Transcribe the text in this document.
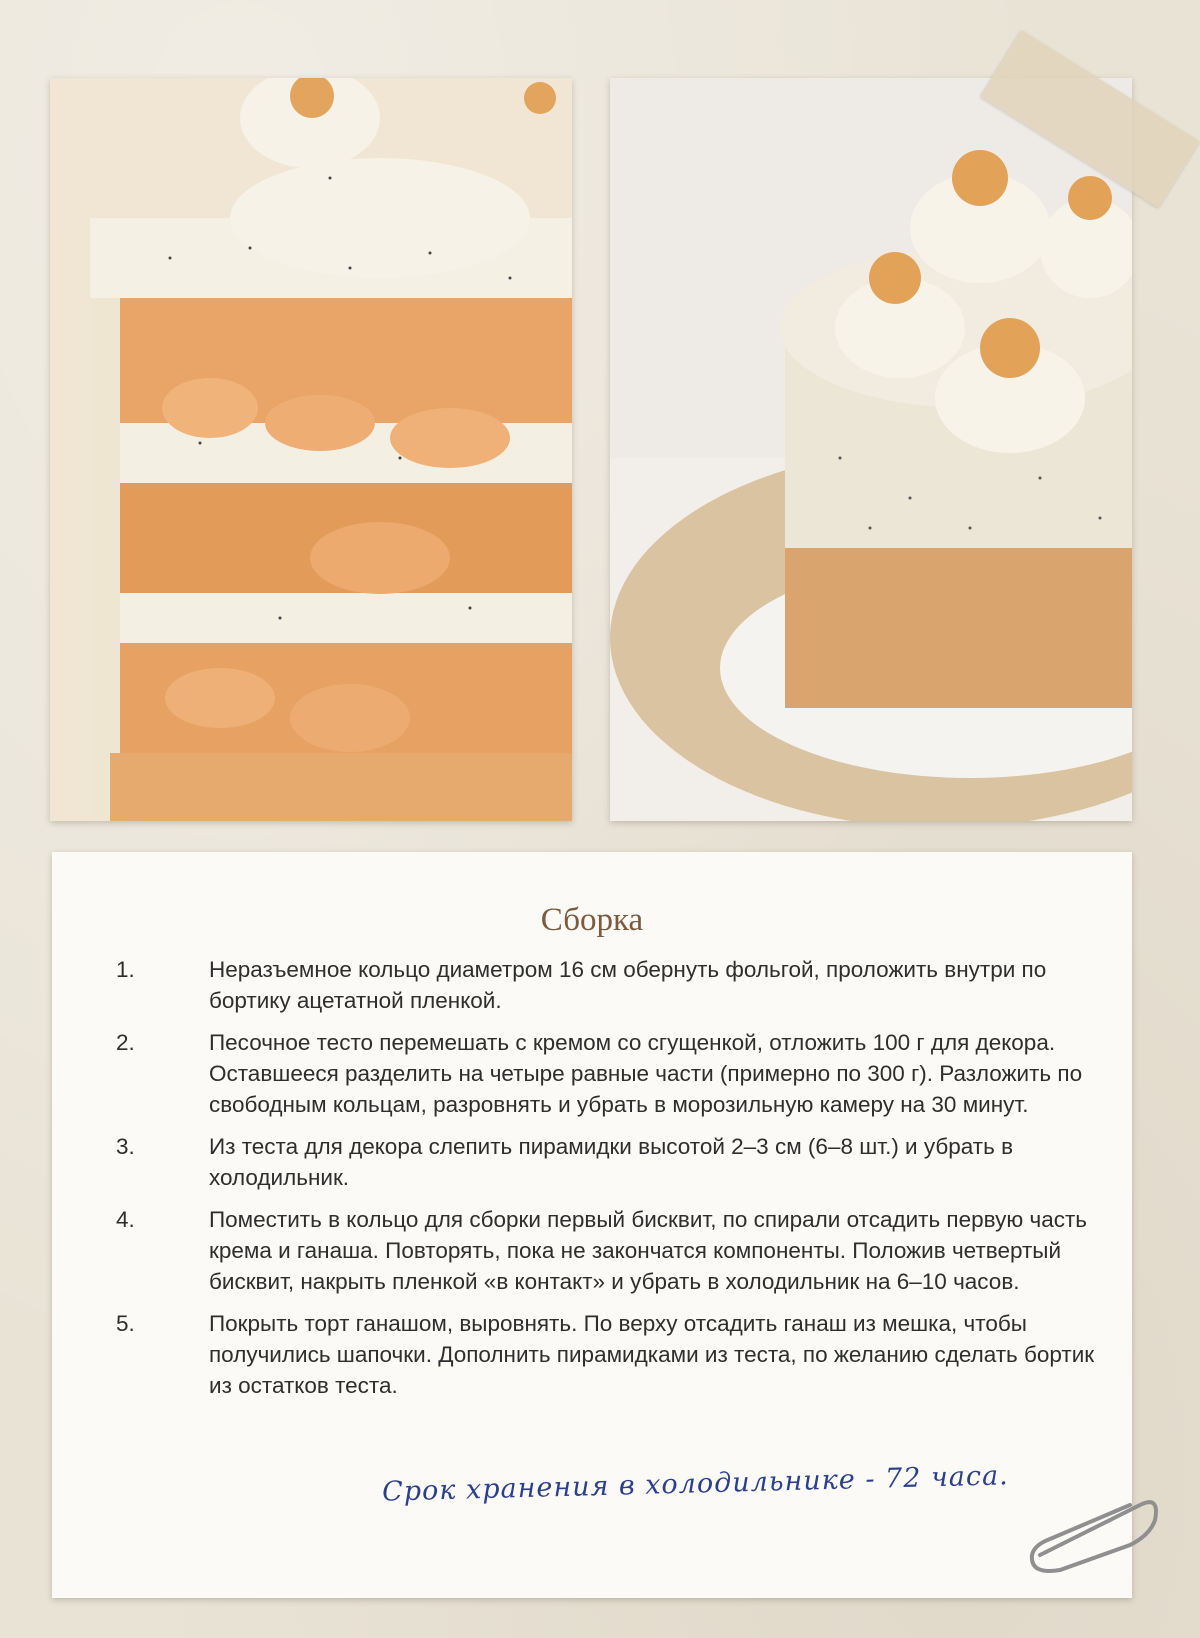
Сборка
1.	Неразъемное кольцо диаметром 16 см обернуть фольгой, проложить внутри по бортику ацетатной пленкой.
2.	Песочное тесто перемешать с кремом со сгущенкой, отложить 100 г для декора. Оставшееся разделить на четыре равные части (примерно по 300 г). Разложить по свободным кольцам, разровнять и убрать в морозильную камеру на 30 минут.
3.	Из теста для декора слепить пирамидки высотой 2–3 см (6–8 шт.) и убрать в холодильник.
4.	Поместить в кольцо для сборки первый бисквит, по спирали отсадить первую часть крема и ганаша. Повторять, пока не закончатся компоненты. Положив четвертый бисквит, накрыть пленкой «в контакт» и убрать в холодильник на 6–10 часов.
5.	Покрыть торт ганашом, выровнять. По верху отсадить ганаш из мешка, чтобы получились шапочки. Дополнить пирамидками из теста, по желанию сделать бортик из остатков теста.
Срок хранения в холодильнике - 72 часа.
